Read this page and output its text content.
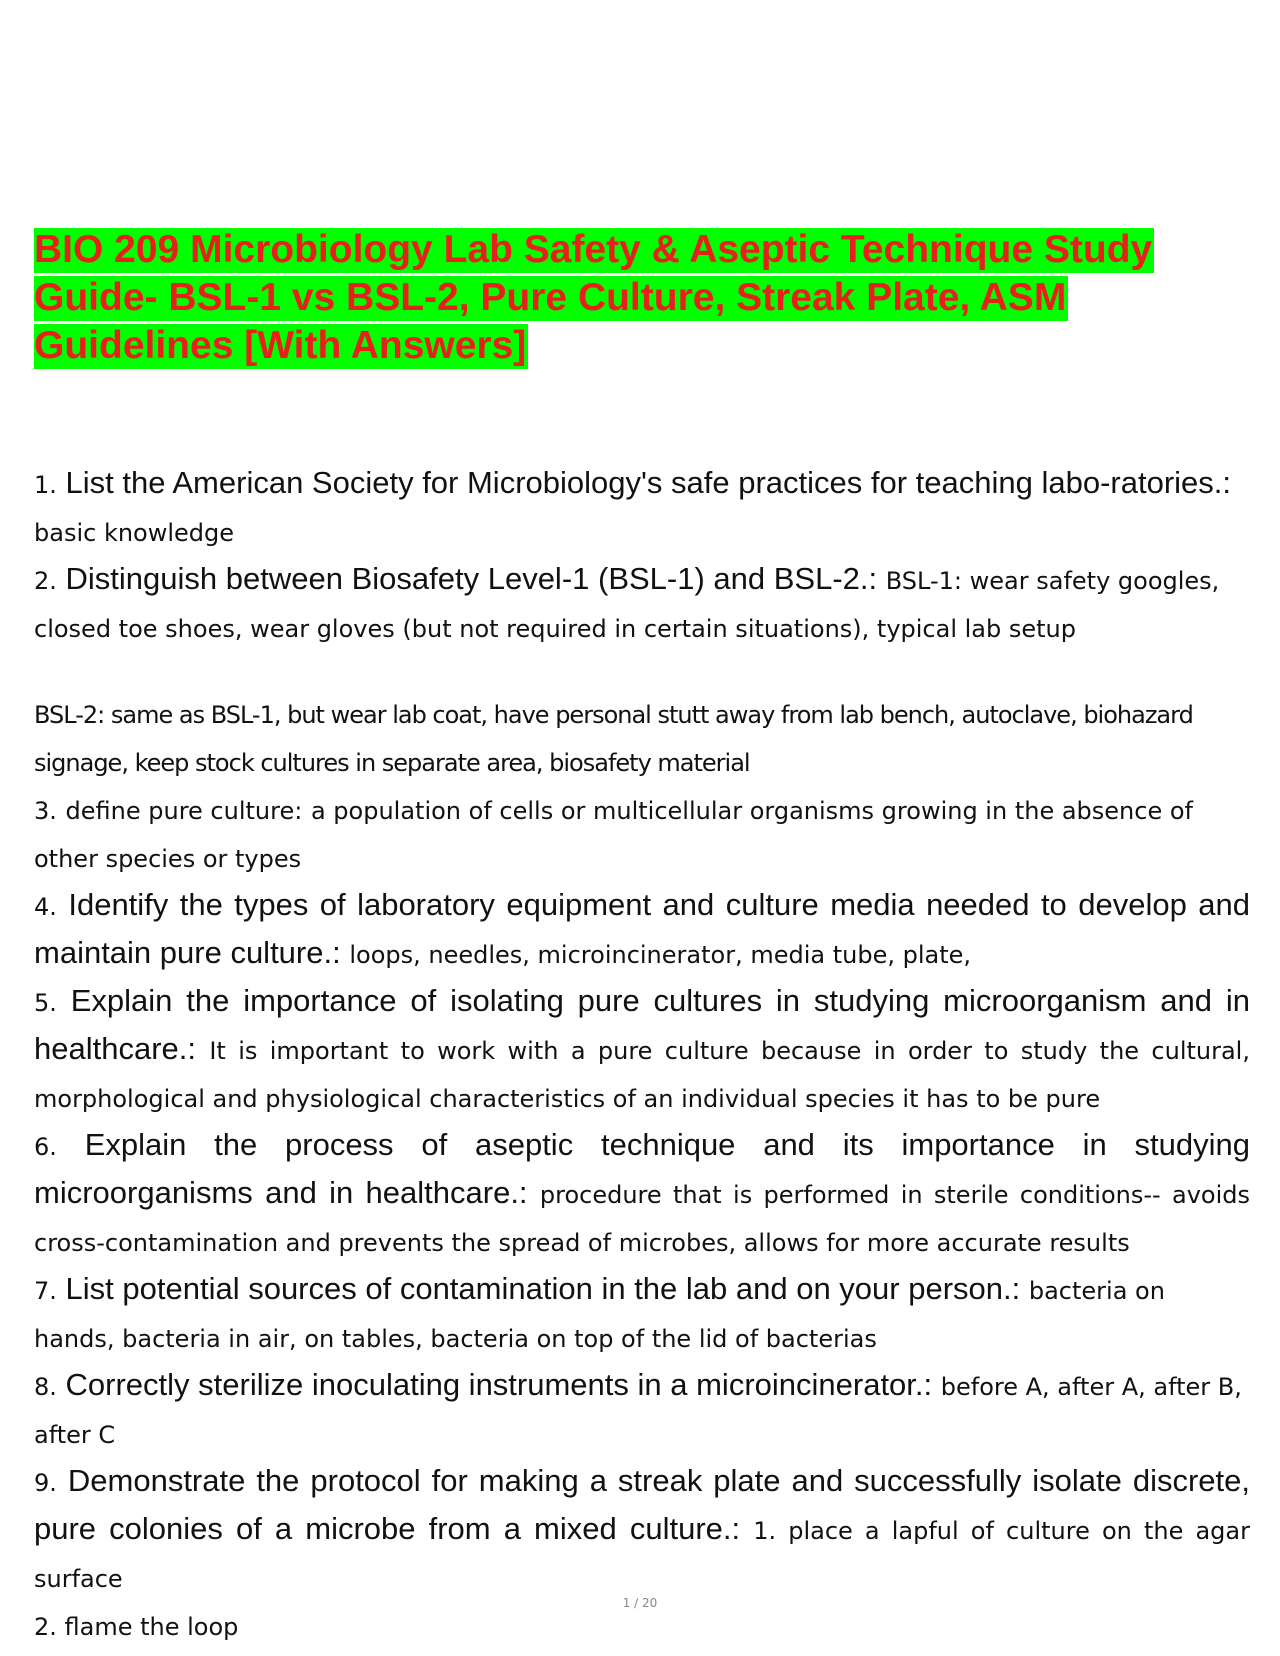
BIO 209 Microbiology Lab Safety & Aseptic Technique Study Guide- BSL-1 vs BSL-2, Pure Culture, Streak Plate, ASM Guidelines [With Answers]

1. List the American Society for Microbiology's safe practices for teaching labo-ratories.: basic knowledge

2. Distinguish between Biosafety Level-1 (BSL-1) and BSL-2.: BSL-1: wear safety googles, closed toe shoes, wear gloves (but not required in certain situations), typical lab setup

BSL-2: same as BSL-1, but wear lab coat, have personal stutt away from lab bench, autoclave, biohazard signage, keep stock cultures in separate area, biosafety material

3. define pure culture: a population of cells or multicellular organisms growing in the absence of other species or types

4. Identify the types of laboratory equipment and culture media needed to develop and maintain pure culture.: loops, needles, microincinerator, media tube, plate,

5. Explain the importance of isolating pure cultures in studying microorganism and in healthcare.: It is important to work with a pure culture because in order to study the cultural, morphological and physiological characteristics of an individual species it has to be pure

6. Explain the process of aseptic technique and its importance in studying microorganisms and in healthcare.: procedure that is performed in sterile conditions-- avoids cross-contamination and prevents the spread of microbes, allows for more accurate results

7. List potential sources of contamination in the lab and on your person.: bacteria on hands, bacteria in air, on tables, bacteria on top of the lid of bacterias

8. Correctly sterilize inoculating instruments in a microincinerator.: before A, after A, after B, after C

9. Demonstrate the protocol for making a streak plate and successfully isolate discrete, pure colonies of a microbe from a mixed culture.: 1. place a lapful of culture on the agar surface

2. flame the loop

1 / 20
